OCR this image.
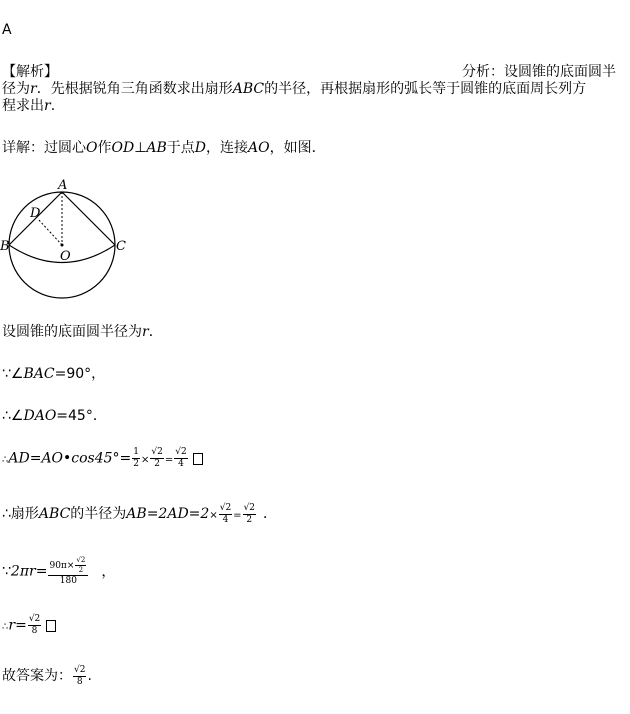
A
【解析】	分析：设圆锥的底面圆半
径为r．先根据锐角三角函数求出扇形ABC的半径，再根据扇形的弧长等于圆锥的底面周长列方
程求出r.
详解：过圆心O作OD⊥AB于点D，连接AO，如图．
A
D
B	C
O
设圆锥的底面圆半径为r．
∵∠BAC=90°，
∴∠DAO=45°．
∴AD=AO•cos45°= $\frac{1}{2} \times \frac{√2}{2} = \frac{√2}{4}$
∴扇形ABC的半径为$AB=2AD=2\times \frac{√2}{4} = \frac{√2}{2}$ ．
∵2πr= $\frac{90\pi\times \frac{√2}{2}}{180}$ ，
∴r= $\frac{√2}{8}$
故答案为： $\frac{√2}{8}$ .
